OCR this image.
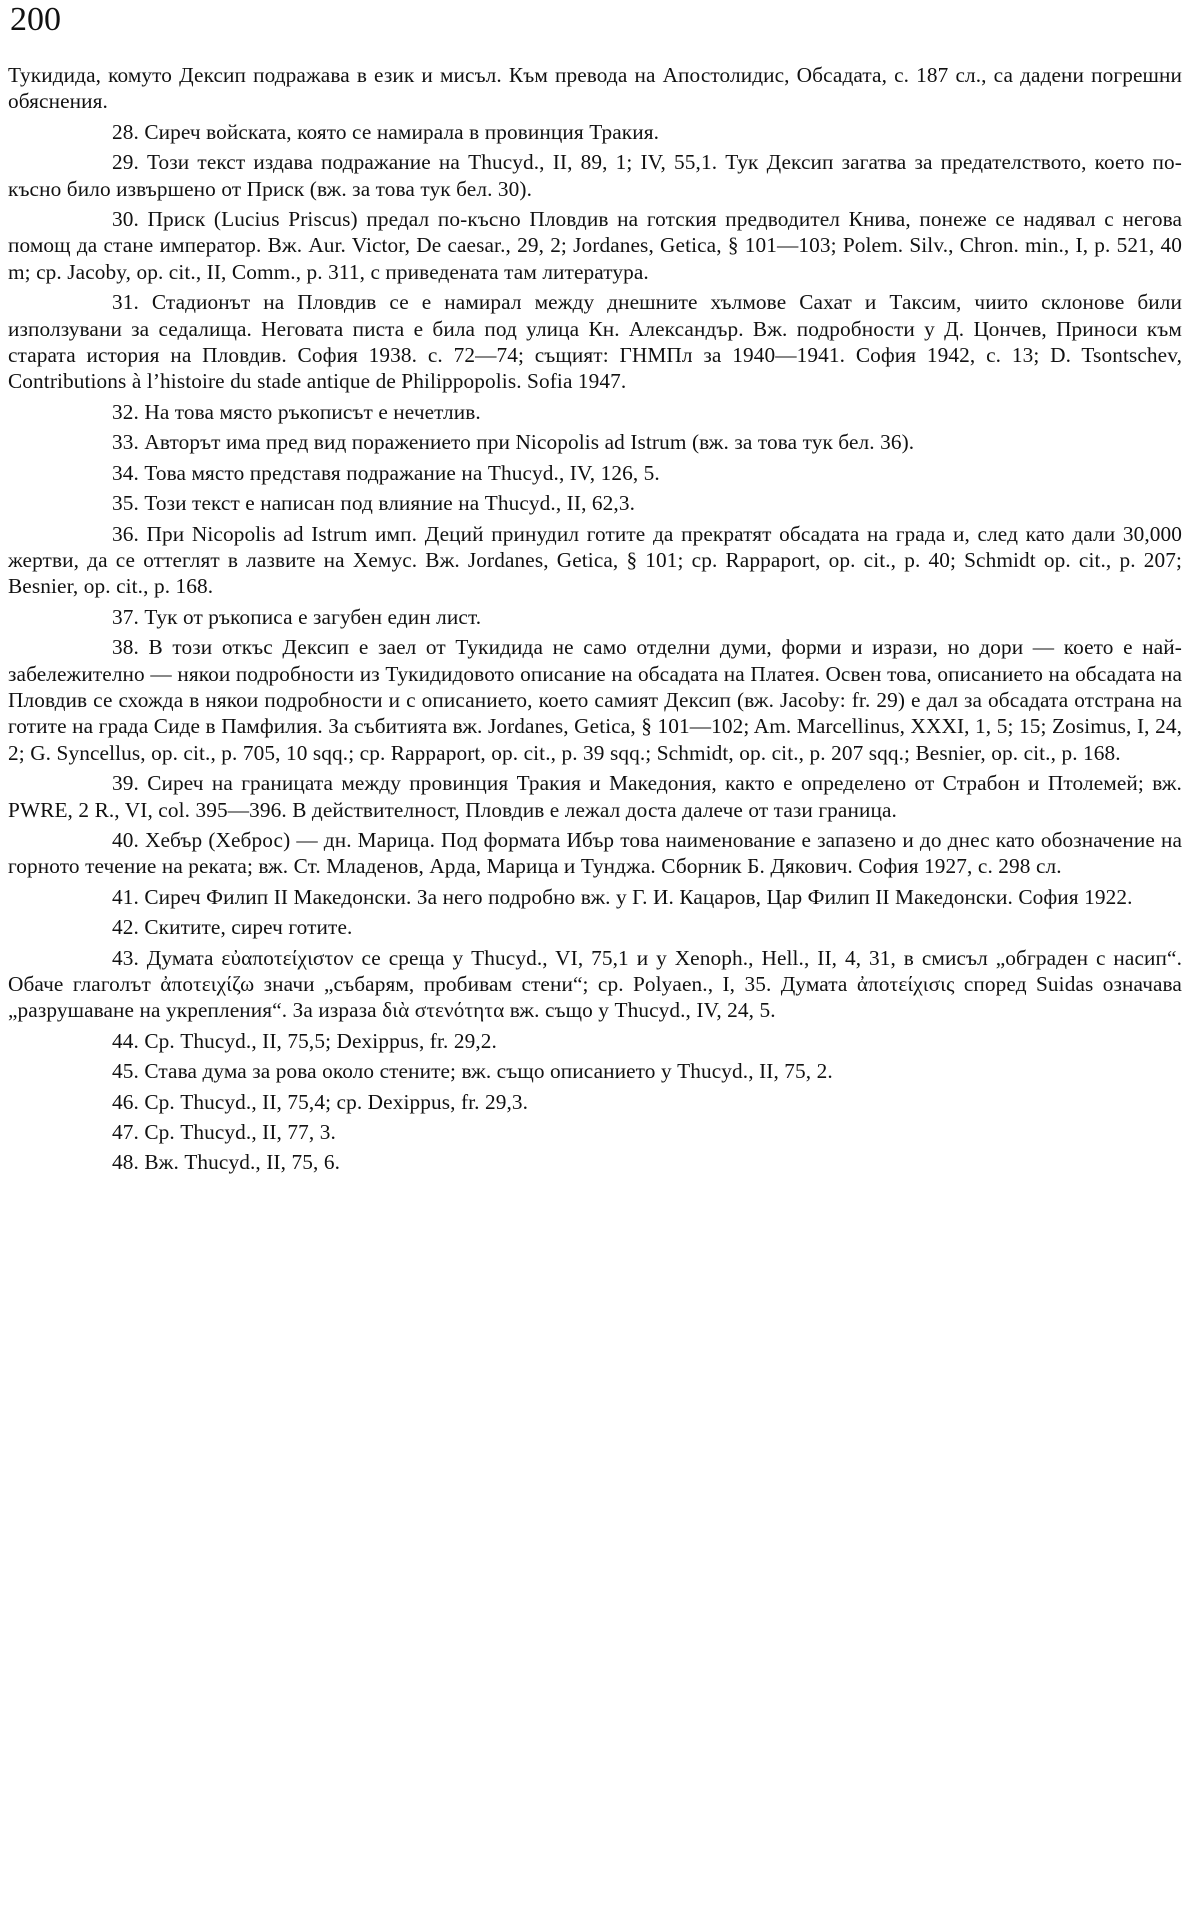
200

Тукидида, комуто Дексип подражава в език и мисъл. Към превода на Апостолидис, Обсадата, с. 187 сл., са дадени погрешни обяснения.

28. Сиреч войската, която се намирала в провинция Тракия.

29. Този текст издава подражание на Thucyd., II, 89, 1; IV, 55,1. Тук Дексип загатва за предателството, което по-късно било извършено от Приск (вж. за това тук бел. 30).

30. Приск (Lucius Priscus) предал по-късно Пловдив на готския предводител Книва, понеже се надявал с негова помощ да стане император. Вж. Aur. Victor, De caesar., 29, 2; Jordanes, Getica, § 101—103; Polem. Silv., Chron. min., I, p. 521, 40 m; ср. Jacoby, op. cit., II, Comm., p. 311, с приведената там литература.

31. Стадионът на Пловдив се е намирал между днешните хълмове Сахат и Таксим, чиито склонове били използувани за седалища. Неговата писта е била под улица Кн. Александър. Вж. подробности у Д. Цончев, Приноси към старата история на Пловдив. София 1938. с. 72—74; същият: ГНМПл за 1940—1941. София 1942, с. 13; D. Tsontschev, Contributions à l’histoire du stade antique de Philippopolis. Sofia 1947.

32. На това място ръкописът е нечетлив.

33. Авторът има пред вид поражението при Nicopolis ad Istrum (вж. за това тук бел. 36).

34. Това място представя подражание на Thucyd., IV, 126, 5.

35. Този текст е написан под влияние на Thucyd., II, 62,3.

36. При Nicopolis ad Istrum имп. Деций принудил готите да прекратят обсадата на града и, след като дали 30,000 жертви, да се оттеглят в лазвите на Хемус. Вж. Jordanes, Getica, § 101; ср. Rappaport, op. cit., p. 40; Schmidt op. cit., p. 207; Besnier, op. cit., p. 168.

37. Тук от ръкописа е загубен един лист.

38. В този откъс Дексип е заел от Тукидида не само отделни думи, форми и изрази, но дори — което е най-забележително — някои подробности из Тукидидовото описание на обсадата на Платея. Освен това, описанието на обсадата на Пловдив се схожда в някои подробности и с описанието, което самият Дексип (вж. Jacoby: fr. 29) е дал за обсадата отстрана на готите на града Сиде в Памфилия. За събитията вж. Jordanes, Getica, § 101—102; Am. Marcellinus, XXXI, 1, 5; 15; Zosimus, I, 24, 2; G. Syncellus, op. cit., p. 705, 10 sqq.; ср. Rappaport, op. cit., p. 39 sqq.; Schmidt, op. cit., p. 207 sqq.; Besnier, op. cit., p. 168.

39. Сиреч на границата между провинция Тракия и Македония, както е определено от Страбон и Птолемей; вж. PWRE, 2 R., VI, col. 395—396. В действителност, Пловдив е лежал доста далече от тази граница.

40. Хебър (Хеброс) — дн. Марица. Под формата Ибър това наименование е запазено и до днес като обозначение на горното течение на реката; вж. Ст. Младенов, Арда, Марица и Тунджа. Сборник Б. Дякович. София 1927, с. 298 сл.

41. Сиреч Филип II Македонски. За него подробно вж. у Г. И. Кацаров, Цар Филип II Македонски. София 1922.

42. Скитите, сиреч готите.

43. Думата εὐαποτείχιστον се среща у Thucyd., VI, 75,1 и у Xenoph., Hell., II, 4, 31, в смисъл „обграден с насип“. Обаче глаголът ἀποτειχίζω значи „събарям, пробивам стени“; ср. Polyaen., I, 35. Думата ἀποτείχισις според Suidas означава „разрушаване на укрепления“. За израза διὰ στενότητα вж. също у Thucyd., IV, 24, 5.

44. Ср. Thucyd., II, 75,5; Dexippus, fr. 29,2.

45. Става дума за рова около стените; вж. също описанието у Thucyd., II, 75, 2.

46. Ср. Thucyd., II, 75,4; ср. Dexippus, fr. 29,3.

47. Ср. Thucyd., II, 77, 3.

48. Вж. Thucyd., II, 75, 6.
